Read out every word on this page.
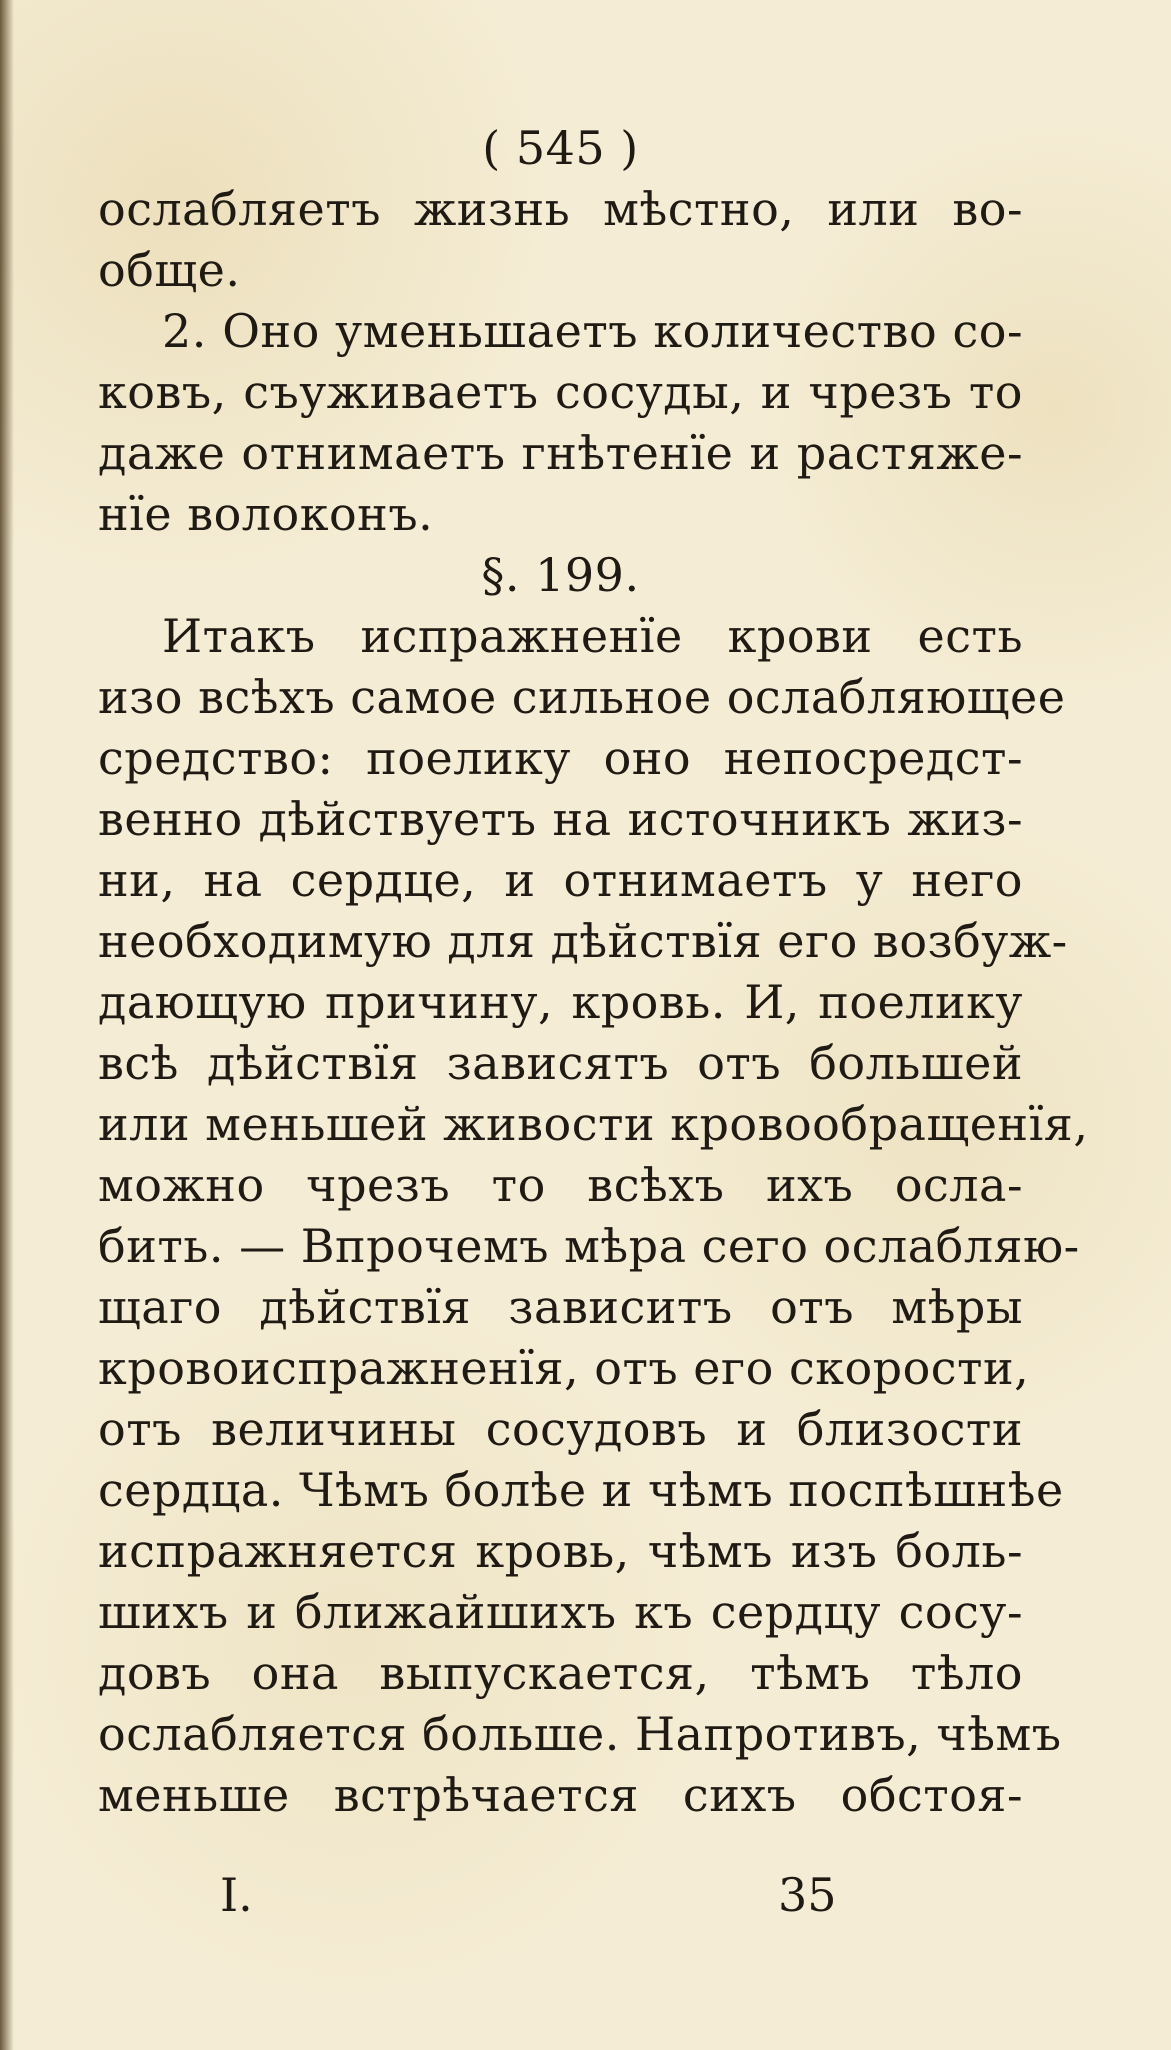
( 545 )
ослабляетъ жизнь мѣстно, или во-
обще.
2. Оно уменьшаетъ количество со-
ковъ, съуживаетъ сосуды, и чрезъ то
даже отнимаетъ гнѣтенïе и растяже-
нïе волоконъ.
§. 199.
Итакъ испражненïе крови есть
изо всѣхъ самое сильное ослабляющее
средство: поелику оно непосредст-
венно дѣйствуетъ на источникъ жиз-
ни, на сердце, и отнимаетъ у него
необходимую для дѣйствïя его возбуж-
дающую причину, кровь. И, поелику
всѣ дѣйствïя зависятъ отъ большей
или меньшей живости кровообращенïя,
можно чрезъ то всѣхъ ихъ осла-
бить. — Впрочемъ мѣра сего ослабляю-
щаго дѣйствïя зависитъ отъ мѣры
кровоиспражненïя, отъ его скорости,
отъ величины сосудовъ и близости
сердца. Чѣмъ болѣе и чѣмъ поспѣшнѣе
испражняется кровь, чѣмъ изъ боль-
шихъ и ближайшихъ къ сердцу сосу-
довъ она выпускается, тѣмъ тѣло
ослабляется больше. Напротивъ, чѣмъ
меньше встрѣчается сихъ обстоя-
I.	35
